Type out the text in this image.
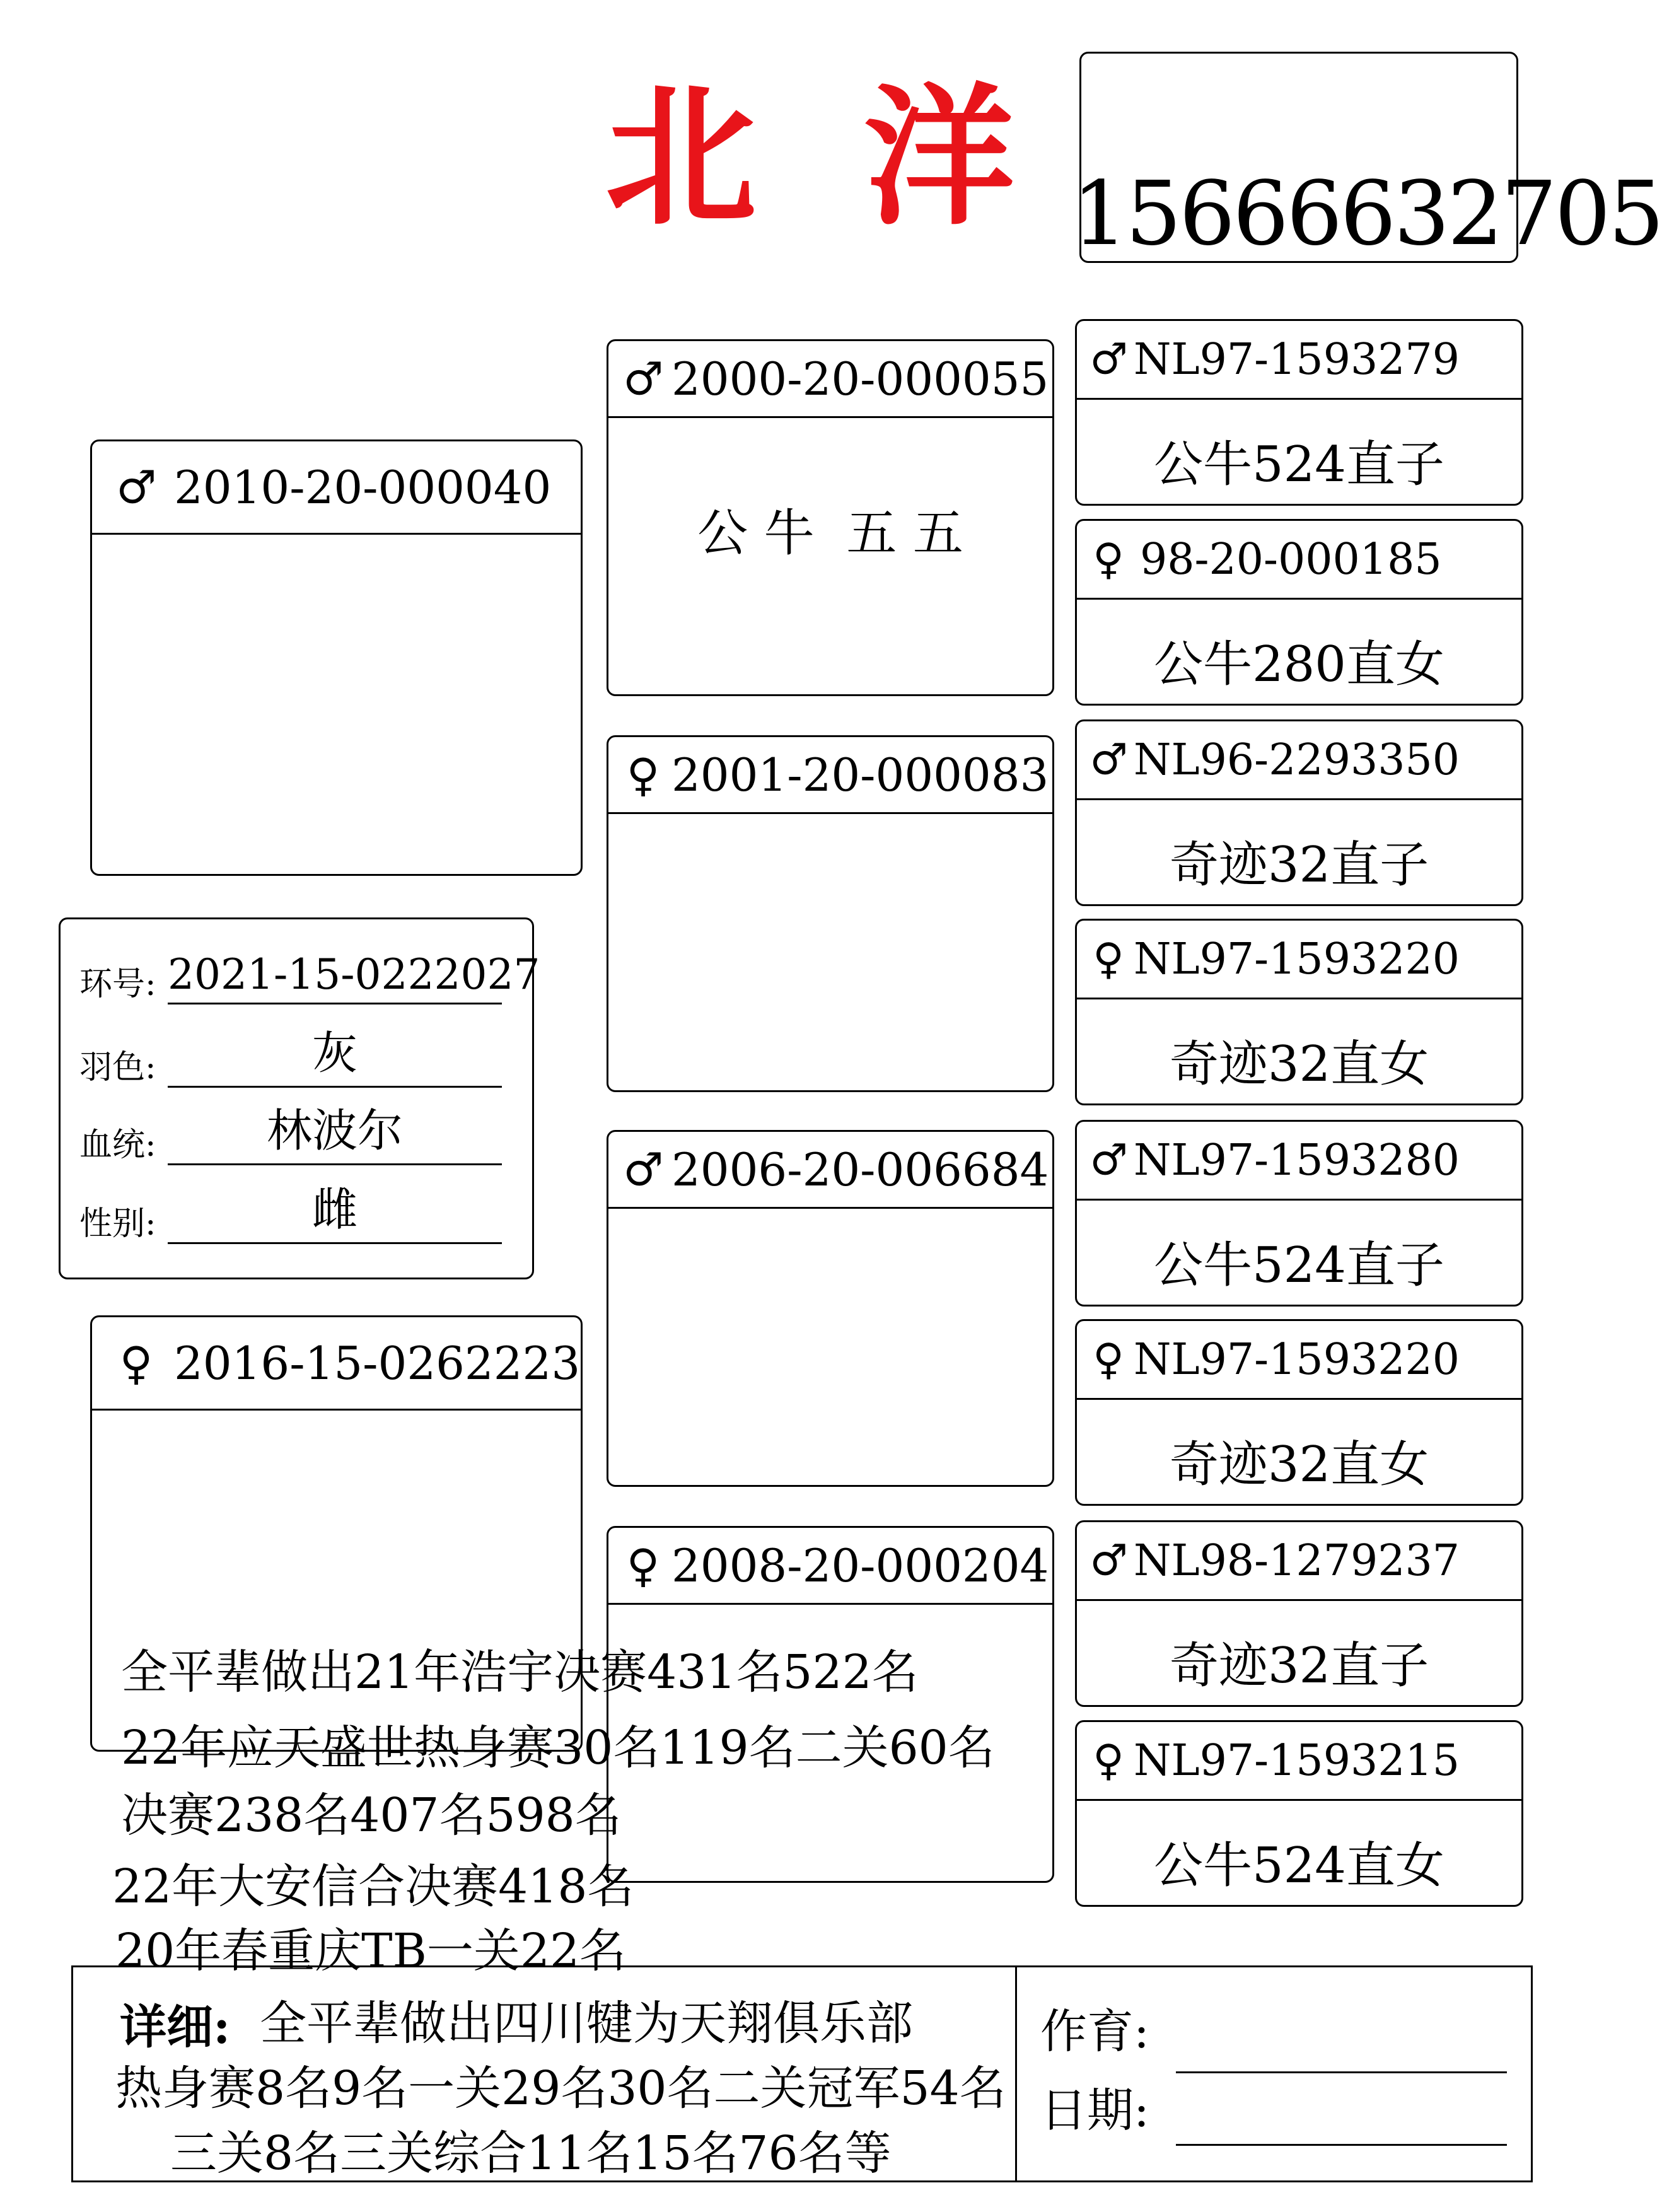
北 洋 15666632705
♂ 2010-20-000040
环号: 2021-15-0222027
羽色:	灰
血统:	林波尔
性别:	雌
♀ 2016-15-0262223
♂ 2000-20-000055
公 牛  五 五
♀ 2001-20-000083
♂ 2006-20-006684
♀ 2008-20-000204
♂ NL97-1593279
公牛524直子
♀ 98-20-000185
公牛280直女
♂ NL96-2293350
奇迹32直子
♀ NL97-1593220
奇迹32直女
♂ NL97-1593280
公牛524直子
♀ NL97-1593220
奇迹32直女
♂ NL98-1279237
奇迹32直子
♀ NL97-1593215
公牛524直女
全平辈做出21年浩宇决赛431名522名
22年应天盛世热身赛30名119名二关60名
决赛238名407名598名
22年大安信合决赛418名
20年春重庆TB一关22名
详细: 全平辈做出四川犍为天翔俱乐部
热身赛8名9名一关29名30名二关冠军54名
三关8名三关综合11名15名76名等
作育:
日期:
